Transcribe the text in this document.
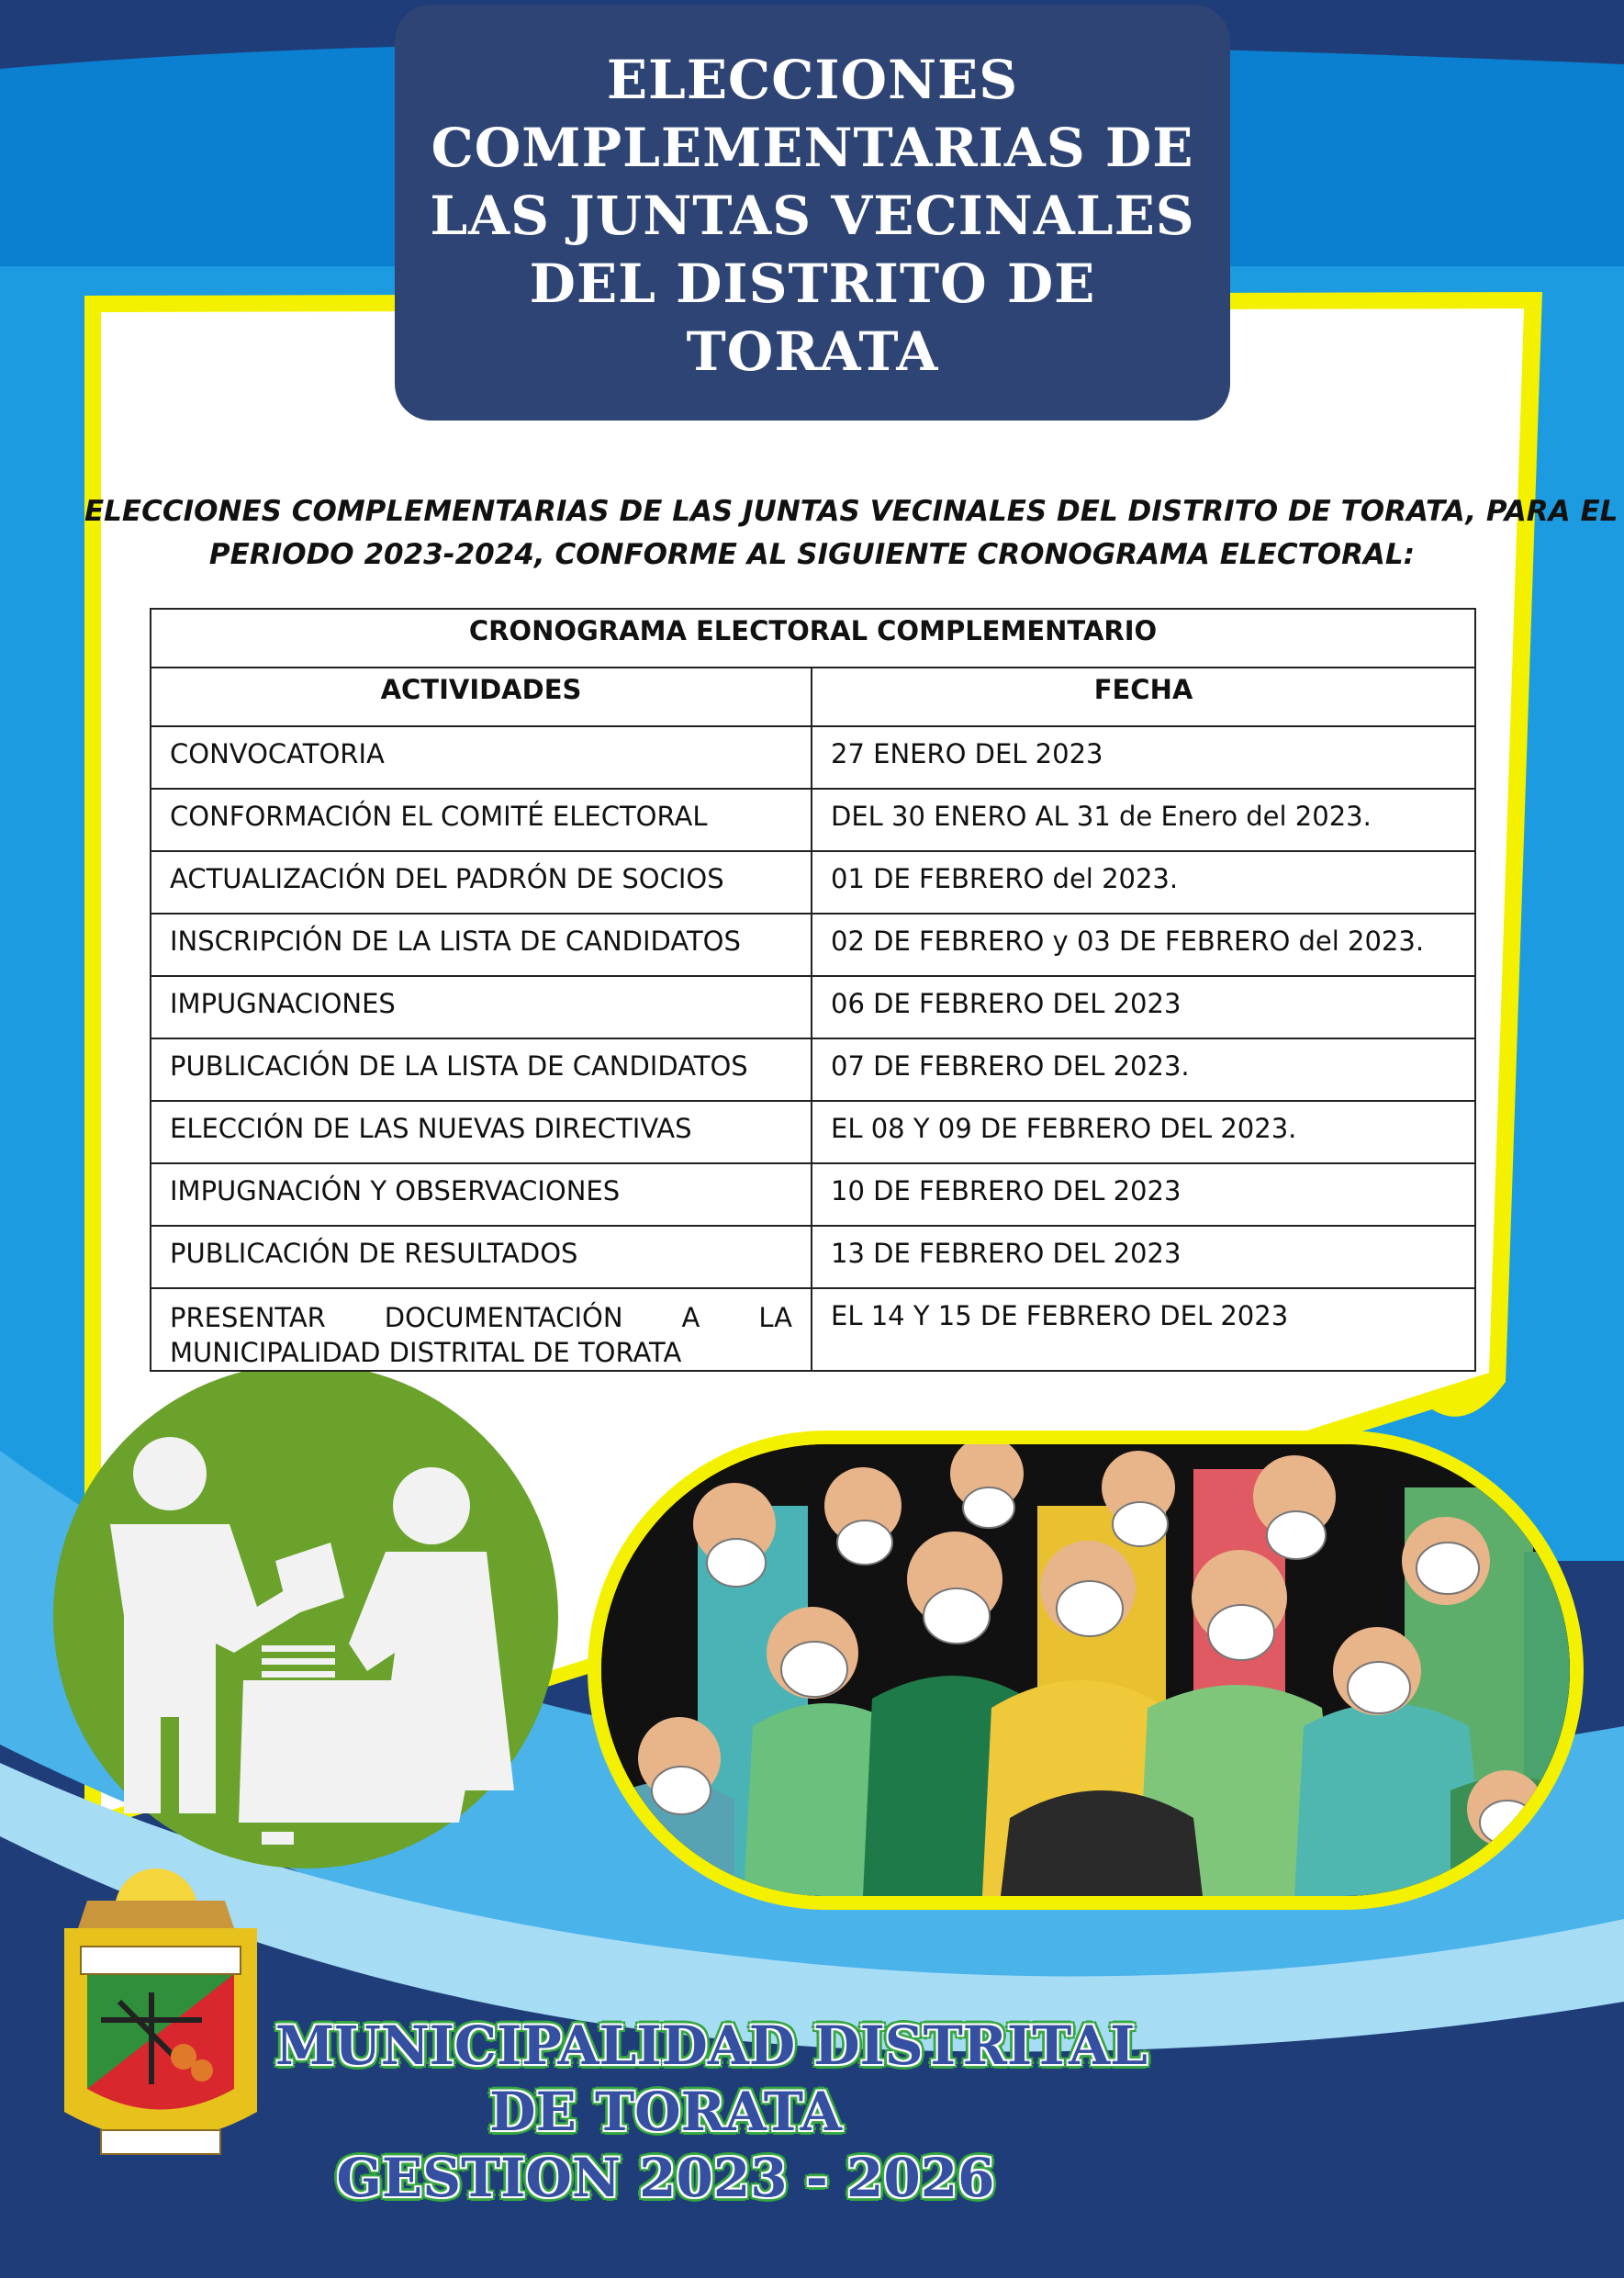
ELECCIONES
COMPLEMENTARIAS DE
LAS JUNTAS VECINALES
DEL DISTRITO DE
TORATA
ELECCIONES COMPLEMENTARIAS DE LAS JUNTAS VECINALES DEL DISTRITO DE TORATA, PARA EL
PERIODO 2023-2024, CONFORME AL SIGUIENTE CRONOGRAMA ELECTORAL:
CRONOGRAMA ELECTORAL COMPLEMENTARIO	
ACTIVIDADES	FECHA
CONVOCATORIA	27 ENERO DEL 2023
CONFORMACIÓN EL COMITÉ ELECTORAL	DEL 30 ENERO AL 31 de Enero del 2023.
ACTUALIZACIÓN DEL PADRÓN DE SOCIOS	01 DE FEBRERO del 2023.
INSCRIPCIÓN DE LA LISTA DE CANDIDATOS	02 DE FEBRERO y 03 DE FEBRERO del 2023.
IMPUGNACIONES	06 DE FEBRERO DEL 2023
PUBLICACIÓN DE LA LISTA DE CANDIDATOS	07 DE FEBRERO DEL 2023.
ELECCIÓN DE LAS NUEVAS DIRECTIVAS	EL 08 Y 09 DE FEBRERO DEL 2023.
IMPUGNACIÓN Y OBSERVACIONES	10 DE FEBRERO DEL 2023
PUBLICACIÓN DE RESULTADOS	13 DE FEBRERO DEL 2023
PRESENTAR DOCUMENTACIÓN A LA MUNICIPALIDAD DISTRITAL DE TORATA	EL 14 Y 15 DE FEBRERO DEL 2023
MUNICIPALIDAD DISTRITAL
DE TORATA
GESTION 2023 - 2026
